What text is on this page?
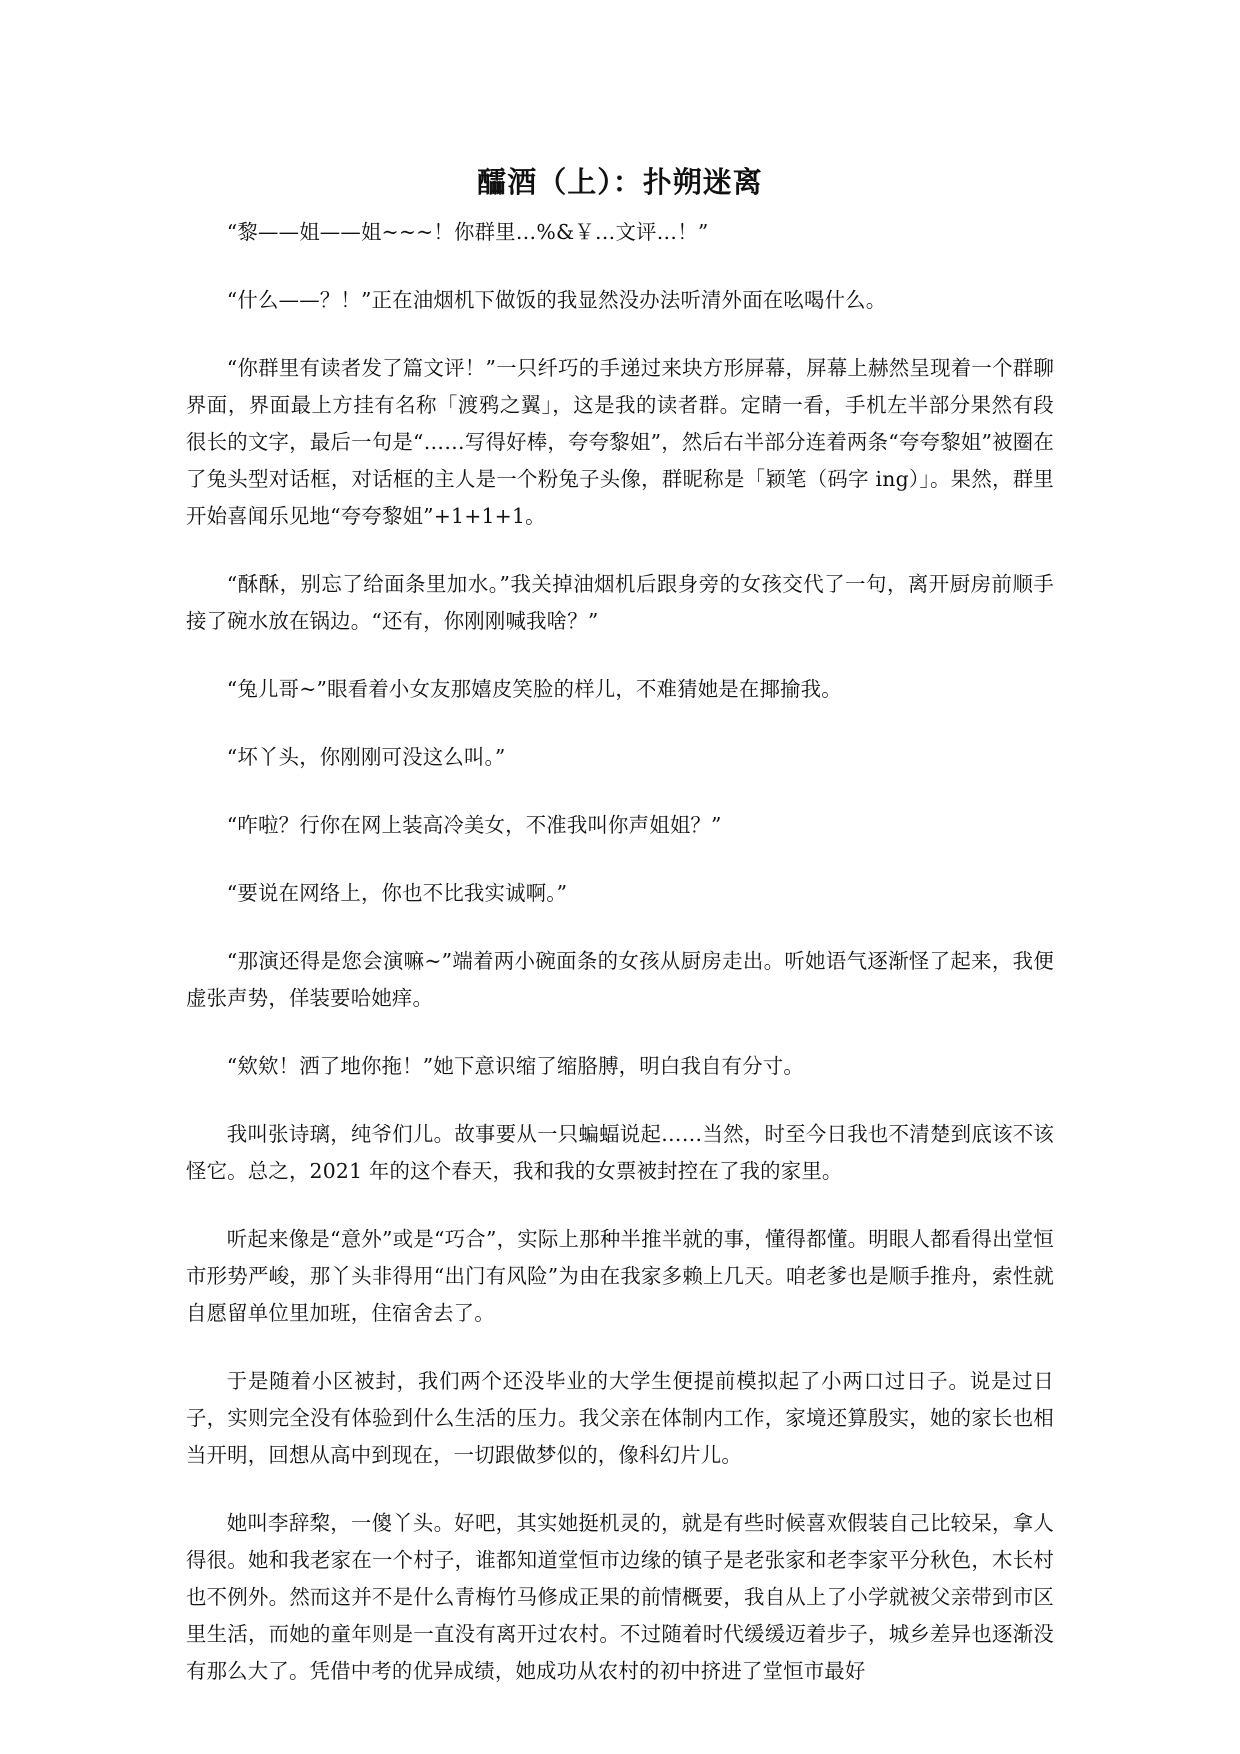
醽酒（上）：扑朔迷离

“黎——姐——姐~~~！你群里…%&￥…文评…！”

“什么——？！”正在油烟机下做饭的我显然没办法听清外面在吆喝什么。

“你群里有读者发了篇文评！”一只纤巧的手递过来块方形屏幕，屏幕上赫然呈现着一个群聊界面，界面最上方挂有名称「渡鸦之翼」，这是我的读者群。定睛一看，手机左半部分果然有段很长的文字，最后一句是“……写得好棒，夸夸黎姐”，然后右半部分连着两条“夸夸黎姐”被圈在了兔头型对话框，对话框的主人是一个粉兔子头像，群昵称是「颖笔（码字 ing）」。果然，群里开始喜闻乐见地“夸夸黎姐”+1+1+1。

“酥酥，别忘了给面条里加水。”我关掉油烟机后跟身旁的女孩交代了一句，离开厨房前顺手接了碗水放在锅边。“还有，你刚刚喊我啥？”

“兔儿哥~”眼看着小女友那嬉皮笑脸的样儿，不难猜她是在揶揄我。

“坏丫头，你刚刚可没这么叫。”

“咋啦？行你在网上装高冷美女，不准我叫你声姐姐？”

“要说在网络上，你也不比我实诚啊。”

“那演还得是您会演嘛~”端着两小碗面条的女孩从厨房走出。听她语气逐渐怪了起来，我便虚张声势，佯装要哈她痒。

“欸欸！洒了地你拖！”她下意识缩了缩胳膊，明白我自有分寸。

我叫张诗璃，纯爷们儿。故事要从一只蝙蝠说起……当然，时至今日我也不清楚到底该不该怪它。总之，2021 年的这个春天，我和我的女票被封控在了我的家里。

听起来像是“意外”或是“巧合”，实际上那种半推半就的事，懂得都懂。明眼人都看得出堂恒市形势严峻，那丫头非得用“出门有风险”为由在我家多赖上几天。咱老爹也是顺手推舟，索性就自愿留单位里加班，住宿舍去了。

于是随着小区被封，我们两个还没毕业的大学生便提前模拟起了小两口过日子。说是过日子，实则完全没有体验到什么生活的压力。我父亲在体制内工作，家境还算殷实，她的家长也相当开明，回想从高中到现在，一切跟做梦似的，像科幻片儿。

她叫李辞棃，一傻丫头。好吧，其实她挺机灵的，就是有些时候喜欢假装自己比较呆，拿人得很。她和我老家在一个村子，谁都知道堂恒市边缘的镇子是老张家和老李家平分秋色，木长村也不例外。然而这并不是什么青梅竹马修成正果的前情概要，我自从上了小学就被父亲带到市区里生活，而她的童年则是一直没有离开过农村。不过随着时代缓缓迈着步子，城乡差异也逐渐没有那么大了。凭借中考的优异成绩，她成功从农村的初中挤进了堂恒市最好
